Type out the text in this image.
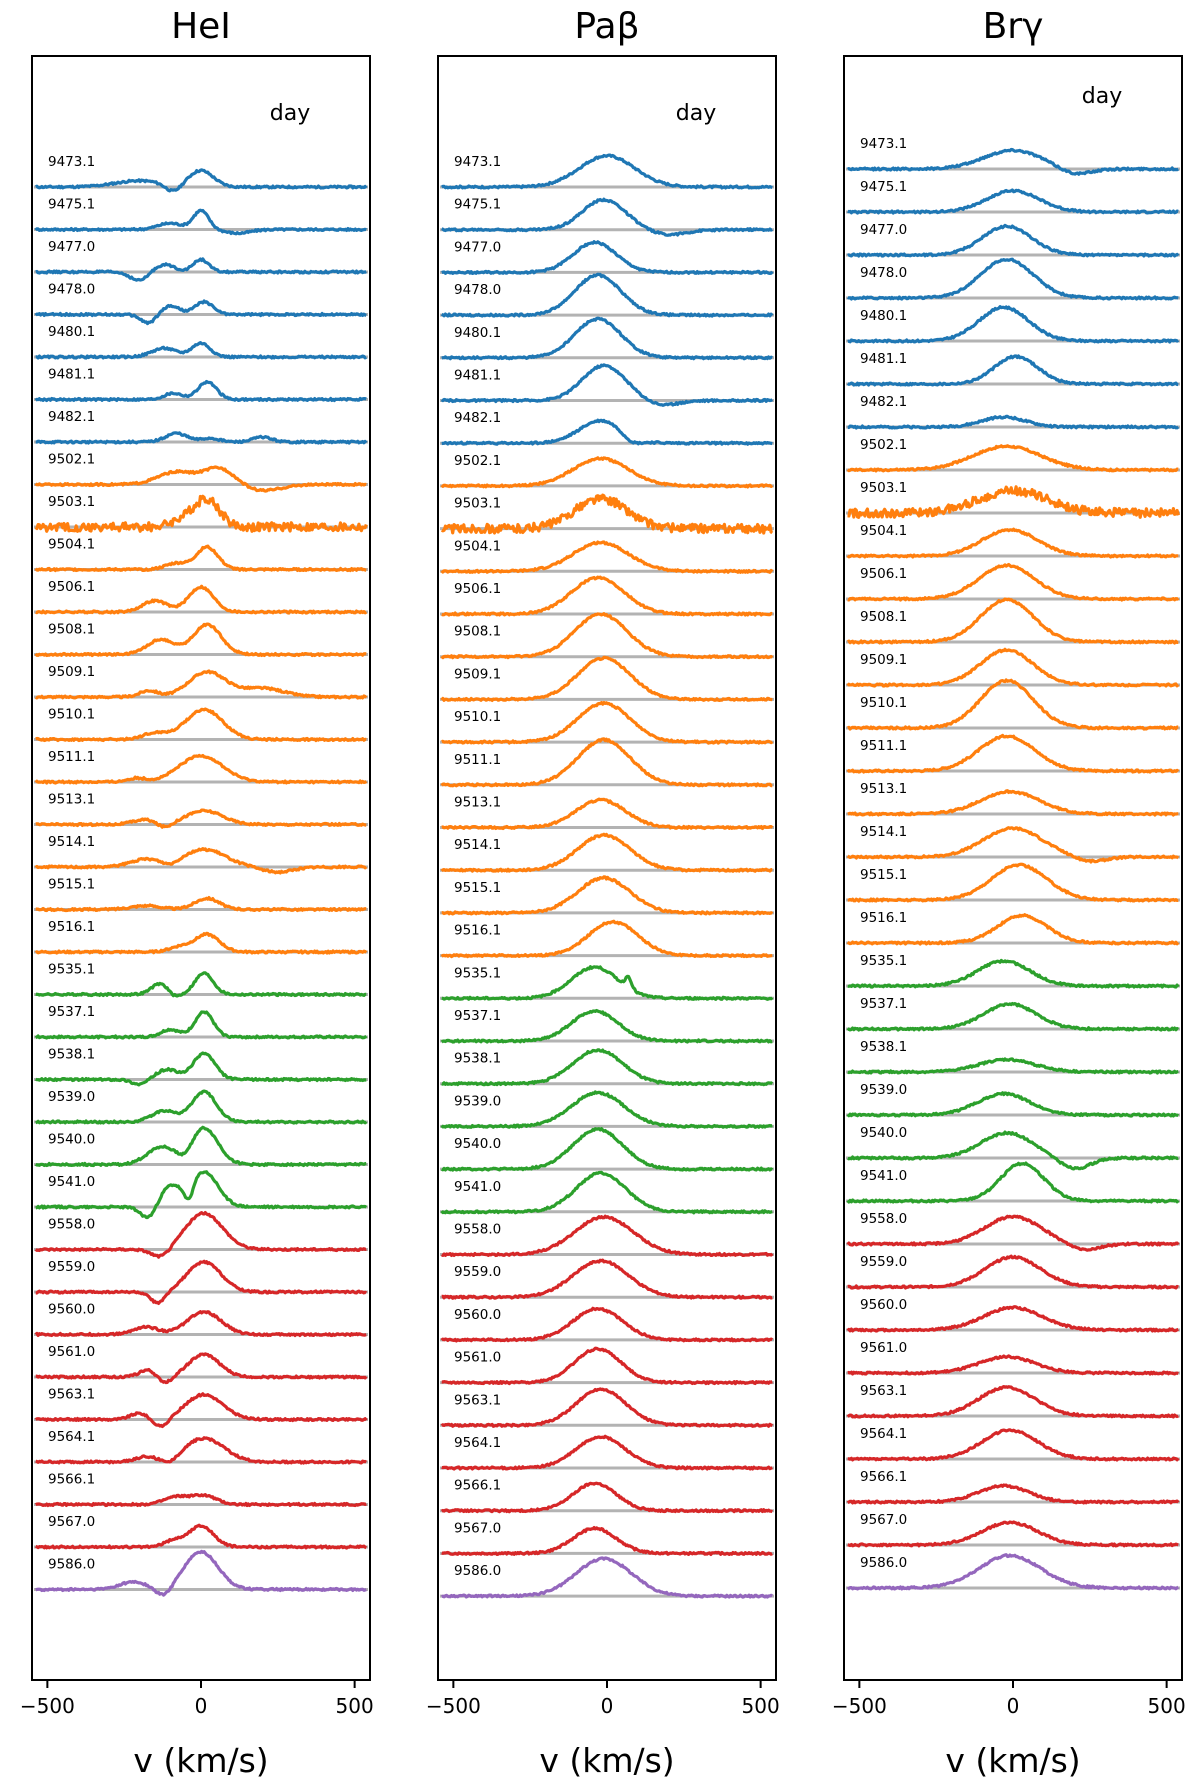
HeI
day
9473.1
9475.1
9477.0
9478.0
9480.1
9481.1
9482.1
9502.1
9503.1
9504.1
9506.1
9508.1
9509.1
9510.1
9511.1
9513.1
9514.1
9515.1
9516.1
9535.1
9537.1
9538.1
9539.0
9540.0
9541.0
9558.0
9559.0
9560.0
9561.0
9563.1
9564.1
9566.1
9567.0
9586.0
−500	0	500
v (km/s)
Paβ
day
9473.1
9475.1
9477.0
9478.0
9480.1
9481.1
9482.1
9502.1
9503.1
9504.1
9506.1
9508.1
9509.1
9510.1
9511.1
9513.1
9514.1
9515.1
9516.1
9535.1
9537.1
9538.1
9539.0
9540.0
9541.0
9558.0
9559.0
9560.0
9561.0
9563.1
9564.1
9566.1
9567.0
9586.0
−500	0	500
v (km/s)
Brγ
day
9473.1
9475.1
9477.0
9478.0
9480.1
9481.1
9482.1
9502.1
9503.1
9504.1
9506.1
9508.1
9509.1
9510.1
9511.1
9513.1
9514.1
9515.1
9516.1
9535.1
9537.1
9538.1
9539.0
9540.0
9541.0
9558.0
9559.0
9560.0
9561.0
9563.1
9564.1
9566.1
9567.0
9586.0
−500	0	500
v (km/s)
